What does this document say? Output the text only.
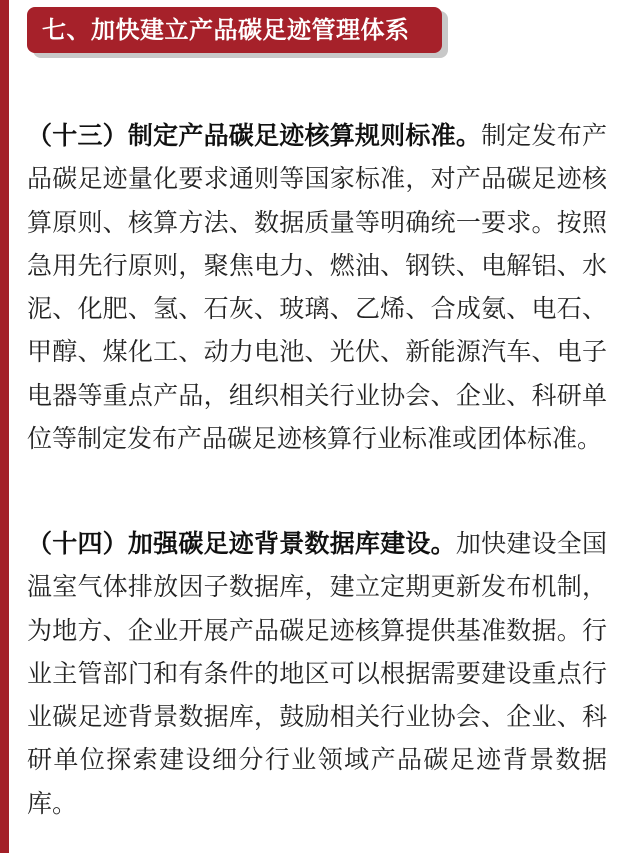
七、加快建立产品碳足迹管理体系

（十三）制定产品碳足迹核算规则标准。制定发布产品碳足迹量化要求通则等国家标准，对产品碳足迹核算原则、核算方法、数据质量等明确统一要求。按照急用先行原则，聚焦电力、燃油、钢铁、电解铝、水泥、化肥、氢、石灰、玻璃、乙烯、合成氨、电石、甲醇、煤化工、动力电池、光伏、新能源汽车、电子电器等重点产品，组织相关行业协会、企业、科研单位等制定发布产品碳足迹核算行业标准或团体标准。

（十四）加强碳足迹背景数据库建设。加快建设全国温室气体排放因子数据库，建立定期更新发布机制，为地方、企业开展产品碳足迹核算提供基准数据。行业主管部门和有条件的地区可以根据需要建设重点行业碳足迹背景数据库，鼓励相关行业协会、企业、科研单位探索建设细分行业领域产品碳足迹背景数据库。
